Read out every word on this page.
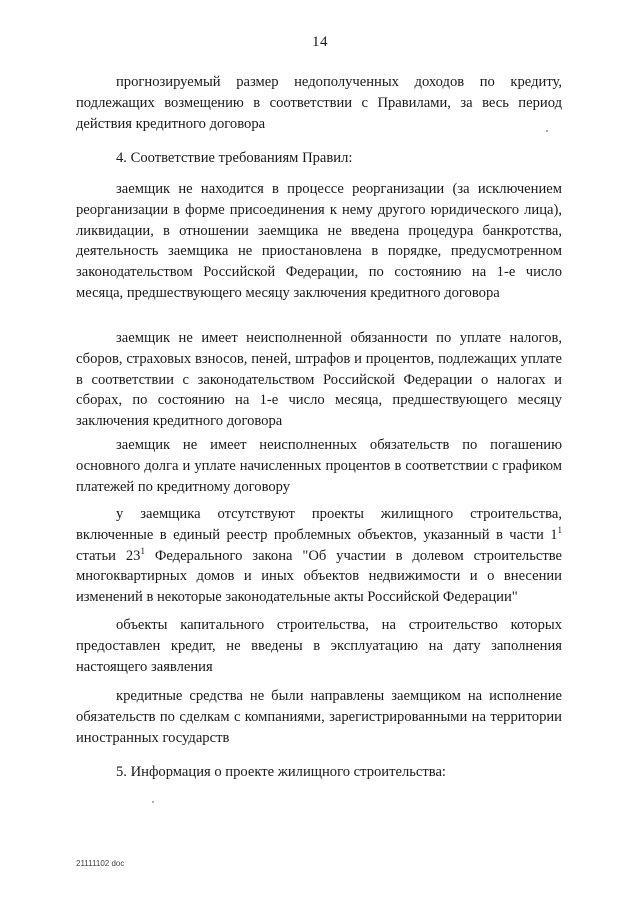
14

прогнозируемый размер недополученных доходов по кредиту, подлежащих возмещению в соответствии с Правилами, за весь период действия кредитного договора

4. Соответствие требованиям Правил:

заемщик не находится в процессе реорганизации (за исключением реорганизации в форме присоединения к нему другого юридического лица), ликвидации, в отношении заемщика не введена процедура банкротства, деятельность заемщика не приостановлена в порядке, предусмотренном законодательством Российской Федерации, по состоянию на 1-е число месяца, предшествующего месяцу заключения кредитного договора

заемщик не имеет неисполненной обязанности по уплате налогов, сборов, страховых взносов, пеней, штрафов и процентов, подлежащих уплате в соответствии с законодательством Российской Федерации о налогах и сборах, по состоянию на 1-е число месяца, предшествующего месяцу заключения кредитного договора

заемщик не имеет неисполненных обязательств по погашению основного долга и уплате начисленных процентов в соответствии с графиком платежей по кредитному договору

у заемщика отсутствуют проекты жилищного строительства, включенные в единый реестр проблемных объектов, указанный в части $1^1$ статьи $23^1$ Федерального закона "Об участии в долевом строительстве многоквартирных домов и иных объектов недвижимости и о внесении изменений в некоторые законодательные акты Российской Федерации"

объекты капитального строительства, на строительство которых предоставлен кредит, не введены в эксплуатацию на дату заполнения настоящего заявления

кредитные средства не были направлены заемщиком на исполнение обязательств по сделкам с компаниями, зарегистрированными на территории иностранных государств

5. Информация о проекте жилищного строительства:
21111102 doc
